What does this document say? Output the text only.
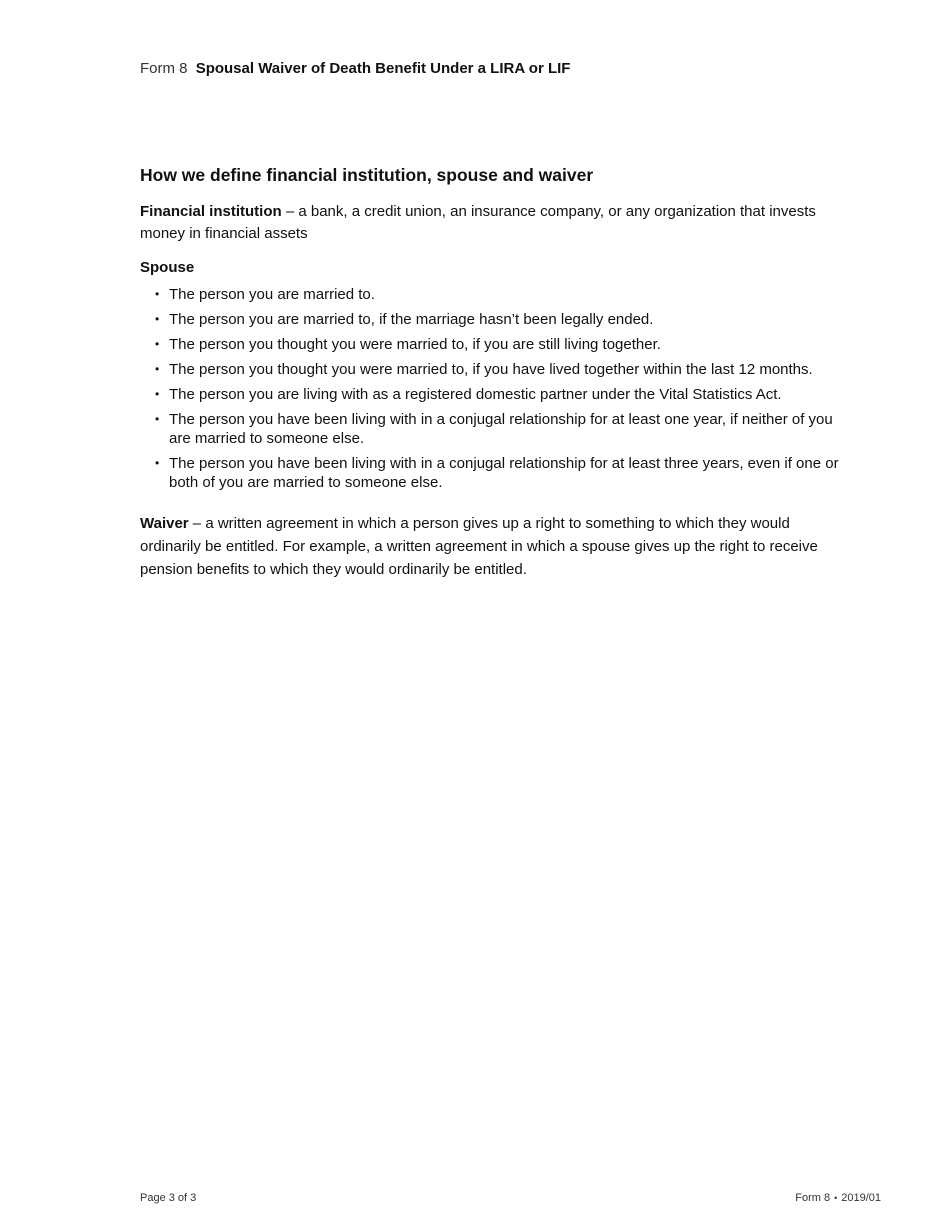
Form 8 Spousal Waiver of Death Benefit Under a LIRA or LIF
How we define financial institution, spouse and waiver

Financial institution – a bank, a credit union, an insurance company, or any organization that invests money in financial assets

Spouse

• The person you are married to.
• The person you are married to, if the marriage hasn’t been legally ended.
• The person you thought you were married to, if you are still living together.
• The person you thought you were married to, if you have lived together within the last 12 months.
• The person you are living with as a registered domestic partner under the Vital Statistics Act.
• The person you have been living with in a conjugal relationship for at least one year, if neither of you are married to someone else.
• The person you have been living with in a conjugal relationship for at least three years, even if one or both of you are married to someone else.

Waiver – a written agreement in which a person gives up a right to something to which they would ordinarily be entitled. For example, a written agreement in which a spouse gives up the right to receive pension benefits to which they would ordinarily be entitled.

Page 3 of 3	Form 8 • 2019/01
